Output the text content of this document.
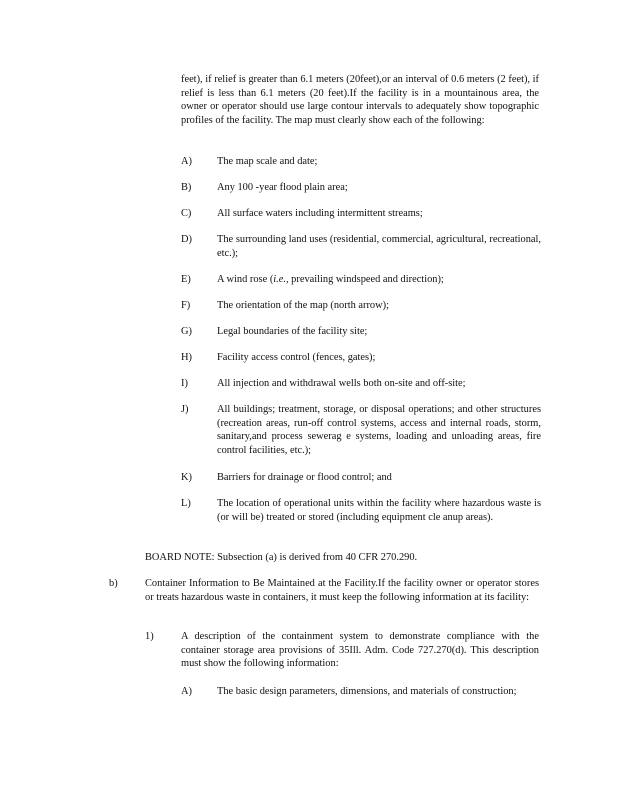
feet), if relief is greater than 6.1 meters (20feet),or an interval of 0.6 meters (2 feet), if relief is less than 6.1 meters (20 feet).If the facility is in a mountainous area, the owner or operator should use large contour intervals to adequately show topographic profiles of the facility. The map must clearly show each of the following:

A) The map scale and date;

B) Any 100 -year flood plain area;

C) All surface waters including intermittent streams;

D) The surrounding land uses (residential, commercial, agricultural, recreational, etc.);

E)	A wind rose (i.e., prevailing windspeed and direction);

F)	The orientation of the map (north arrow);

G) Legal boundaries of the facility site;

H) Facility access control (fences, gates);

I)	All injection and withdrawal wells both on-site and off-site;

J)	All buildings; treatment, storage, or disposal operations; and other structures (recreation areas, run-off control systems, access and internal roads, storm, sanitary,and process sewerag e systems, loading and unloading areas, fire control facilities, etc.);

K) Barriers for drainage or flood control; and

L)	The location of operational units within the facility where hazardous waste is (or will be) treated or stored (including equipment cle anup areas).

BOARD NOTE: Subsection (a) is derived from 40 CFR 270.290.

b)	Container Information to Be Maintained at the Facility.If the facility owner or operator stores or treats hazardous waste in containers, it must keep the following information at its facility:

1)	A description of the containment system to demonstrate compliance with the container storage area provisions of 35Ill. Adm. Code 727.270(d). This description must show the following information:

A) The basic design parameters, dimensions, and materials of construction;
